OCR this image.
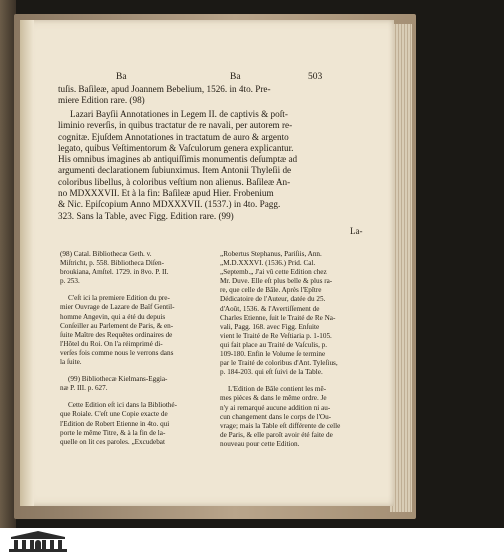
Ba	Ba	503
tuſis. Baſileæ, apud Joannem Bebelium, 1526. in 4to. Pre-
miere Edition rare. (98)
Lazari Bayſii Annotationes in Legem II. de captivis & poſt-
liminio reverſis, in quibus tractatur de re navali, per autorem re-
cognitæ. Ejuſdem Annotationes in tractatum de auro & argento
legato, quibus Veſtimentorum & Vaſculorum genera explicantur.
His omnibus imagines ab antiquiſſimis monumentis deſumptæ ad
argumenti declarationem ſubiunximus. Item Antonii Thyleſii de
coloribus libellus, à coloribus veſtium non alienus. Baſileæ An-
no MDXXXVII. Et à la fin: Baſileæ apud Hier. Frobenium
& Nic. Epiſcopium Anno MDXXXVII. (1537.) in 4to. Pagg.
323. Sans la Table, avec Figg. Edition rare. (99)
La-
(98) Catal. Bibliothecæ Geth. v.
Miſtricht, p. 558. Bibliotheca Diſen-
broukiana, Amſtel. 1729. in 8vo. P. II.
p. 253.
C'eſt ici la premiere Edition du pre-
mier Ouvrage de Lazare de Baïf Gentil-
homme Angevin, qui a été du depuis
Conſeiller au Parlement de Paris, & en-
ſuite Maître des Requêtes ordinaires de
l'Hôtel du Roi. On l'a réimprimé di-
verſes fois comme nous le verrons dans
la ſuite.
(99) Bibliothecæ Kielmans-Eggia-
næ P. III. p. 627.
Cette Edition eſt ici dans la Bibliothé-
que Roiale. C'eſt une Copie exacte de
l'Edition de Robert Etienne in 4to. qui
porte le même Titre, & à la fin de la-
quelle on lit ces paroles. „Excudebat
„Robertus Stephanus, Pariſiis, Ann.
„M.D.XXXVI. (1536.) Prid. Cal.
„Septemb.„ J'ai vû cette Edition chez
Mr. Duve. Elle eſt plus belle & plus ra-
re, que celle de Bâle. Après l'Epître
Dédicatoire de l'Auteur, datée du 25.
d'Août, 1536. & l'Avertiſſement de
Charles Etienne, ſuit le Traité de Re Na-
vali, Pagg. 168. avec Figg. Enſuite
vient le Traité de Re Veſtiaria p. 1-105.
qui fait place au Traité de Vaſculis, p.
109-180. Enfin le Volume ſe termine
par le Traité de coloribus d'Ant. Tyleſius,
p. 184-203. qui eſt ſuivi de la Table.
L'Edition de Bâle contient les mê-
mes pièces & dans le même ordre. Je
n'y ai remarqué aucune addition ni au-
cun changement dans le corps de l'Ou-
vrage; mais la Table eſt différente de celle
de Paris, & elle paroît avoir été faite de
nouveau pour cette Edition.
